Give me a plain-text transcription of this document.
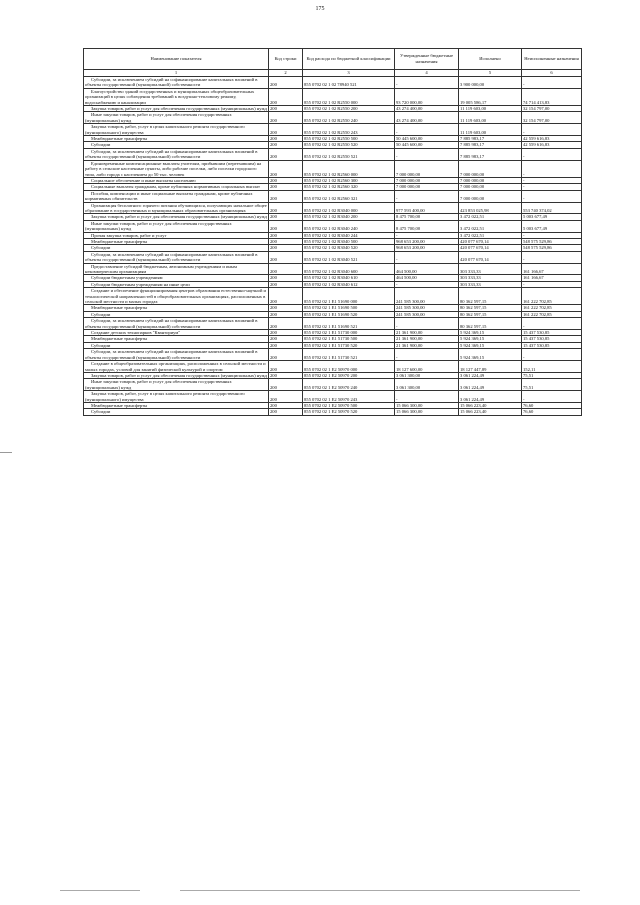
175
Наименование показателя	Код строки	Код расхода по бюджетной классификации	Утвержденные бюджетные назначения	Исполнено	Неисполненные назначения
1	2	3	4	5	6
Субсидии, за исключением субсидий на софинансирование капитальных вложений в объекты государственной (муниципальной) собственности	200	855 0702 02 1 02 78940 521	-	3 900 000,00	-
Благоустройство зданий государственных и муниципальных общеобразовательных организаций в целях соблюдения требований к воздушно-тепловому режиму, водоснабжению и канализации	200	855 0702 02 1 02 R2550 000	93 720 000,00	19 005 586,17	74 714 413,83
Закупка товаров, работ и услуг для обеспечения государственных (муниципальных) нужд	200	855 0702 02 1 02 R2550 200	43 274 400,00	11 119 603,00	32 154 797,00
Иные закупки товаров, работ и услуг для обеспечения государственных (муниципальных) нужд	200	855 0702 02 1 02 R2550 240	43 274 400,00	11 119 603,00	32 154 797,00
Закупка товаров, работ, услуг в целях капитального ремонта государственного (муниципального) имущества	200	855 0702 02 1 02 R2550 243	-	11 119 603,00	-
Межбюджетные трансферты	200	855 0702 02 1 02 R2550 500	50 445 600,00	7 885 983,17	42 559 616,83
Субсидии	200	855 0702 02 1 02 R2550 520	50 445 600,00	7 885 983,17	42 559 616,83
Субсидии, за исключением субсидий на софинансирование капитальных вложений в объекты государственной (муниципальной) собственности	200	855 0702 02 1 02 R2550 521	-	7 885 983,17	-
Единовременные компенсационные выплаты учителям, прибывшим (переехавшим) на работу в сельские населенные пункты, либо рабочие поселки, либо поселки городского типа, либо города с населением до 50 тыс. человек	200	855 0702 02 1 02 R2560 000	7 000 000,00	7 000 000,00	-
Социальное обеспечение и иные выплаты населению	200	855 0702 02 1 02 R2560 300	7 000 000,00	7 000 000,00	-
Социальные выплаты гражданам, кроме публичных нормативных социальных выплат	200	855 0702 02 1 02 R2560 320	7 000 000,00	7 000 000,00	-
Пособия, компенсации и иные социальные выплаты гражданам, кроме публичных нормативных обязательств	200	855 0702 02 1 02 R2560 321	-	7 000 000,00	-
Организация бесплатного горячего питания обучающихся, получающих начальное общее образование в государственных и муниципальных образовательных организациях	200	855 0702 02 1 02 R3040 000	977 593 400,00	423 853 025,98	553 740 374,02
Закупка товаров, работ и услуг для обеспечения государственных (муниципальных) нужд	200	855 0702 02 1 02 R3040 200	8 475 700,00	3 472 022,51	5 003 677,49
Иные закупки товаров, работ и услуг для обеспечения государственных (муниципальных) нужд	200	855 0702 02 1 02 R3040 240	8 475 700,00	3 472 022,51	5 003 677,49
Прочая закупка товаров, работ и услуг	200	855 0702 02 1 02 R3040 244	-	3 472 022,51	-
Межбюджетные трансферты	200	855 0702 02 1 02 R3040 500	968 653 200,00	420 077 670,14	548 575 529,86
Субсидии	200	855 0702 02 1 02 R3040 520	968 653 200,00	420 077 670,14	548 575 529,86
Субсидии, за исключением субсидий на софинансирование капитальных вложений в объекты государственной (муниципальной) собственности	200	855 0702 02 1 02 R3040 521	-	420 077 670,14	-
Предоставление субсидий бюджетным, автономным учреждениям и иным некоммерческим организациям	200	855 0702 02 1 02 R3040 600	464 500,00	303 333,33	161 166,67
Субсидии бюджетным учреждениям	200	855 0702 02 1 02 R3040 610	464 500,00	303 333,33	161 166,67
Субсидии бюджетным учреждениям на иные цели	200	855 0702 02 1 02 R3040 612	-	303 333,33	-
Создание и обеспечение функционирования центров образования естественно-научной и технологической направленностей в общеобразовательных организациях, расположенных в сельской местности и малых городах	200	855 0702 02 1 E1 51690 000	241 585 300,00	80 362 597,15	161 222 702,85
Межбюджетные трансферты	200	855 0702 02 1 E1 51690 500	241 585 300,00	80 362 597,15	161 222 702,85
Субсидии	200	855 0702 02 1 E1 51690 520	241 585 300,00	80 362 597,15	161 222 702,85
Субсидии, за исключением субсидий на софинансирование капитальных вложений в объекты государственной (муниципальной) собственности	200	855 0702 02 1 E1 51690 521	-	80 362 597,15	-
Создание детских технопарков "Кванториум"	200	855 0702 02 1 E1 51730 000	21 361 900,00	5 924 369,15	15 437 530,85
Межбюджетные трансферты	200	855 0702 02 1 E1 51730 500	21 361 900,00	5 924 369,15	15 437 530,85
Субсидии	200	855 0702 02 1 E1 51730 520	21 361 900,00	5 924 369,15	15 437 530,85
Субсидии, за исключением субсидий на софинансирование капитальных вложений в объекты государственной (муниципальной) собственности	200	855 0702 02 1 E1 51730 521	-	5 924 369,15	-
Создание в общеобразовательных организациях, расположенных в сельской местности и малых городах, условий для занятий физической культурой и спортом	200	855 0702 02 1 E2 50970 000	18 127 600,00	18 127 447,89	152,11
Закупка товаров, работ и услуг для обеспечения государственных (муниципальных) нужд	200	855 0702 02 1 E2 50970 200	3 061 300,00	3 061 224,49	75,51
Иные закупки товаров, работ и услуг для обеспечения государственных (муниципальных) нужд	200	855 0702 02 1 E2 50970 240	3 061 300,00	3 061 224,49	75,51
Закупка товаров, работ, услуг в целях капитального ремонта государственного (муниципального) имущества	200	855 0702 02 1 E2 50970 243	-	3 061 224,49	-
Межбюджетные трансферты	200	855 0702 02 1 E2 50970 500	15 066 300,00	15 066 223,40	76,60
Субсидии	200	855 0702 02 1 E2 50970 520	15 066 300,00	15 066 223,40	76,60
